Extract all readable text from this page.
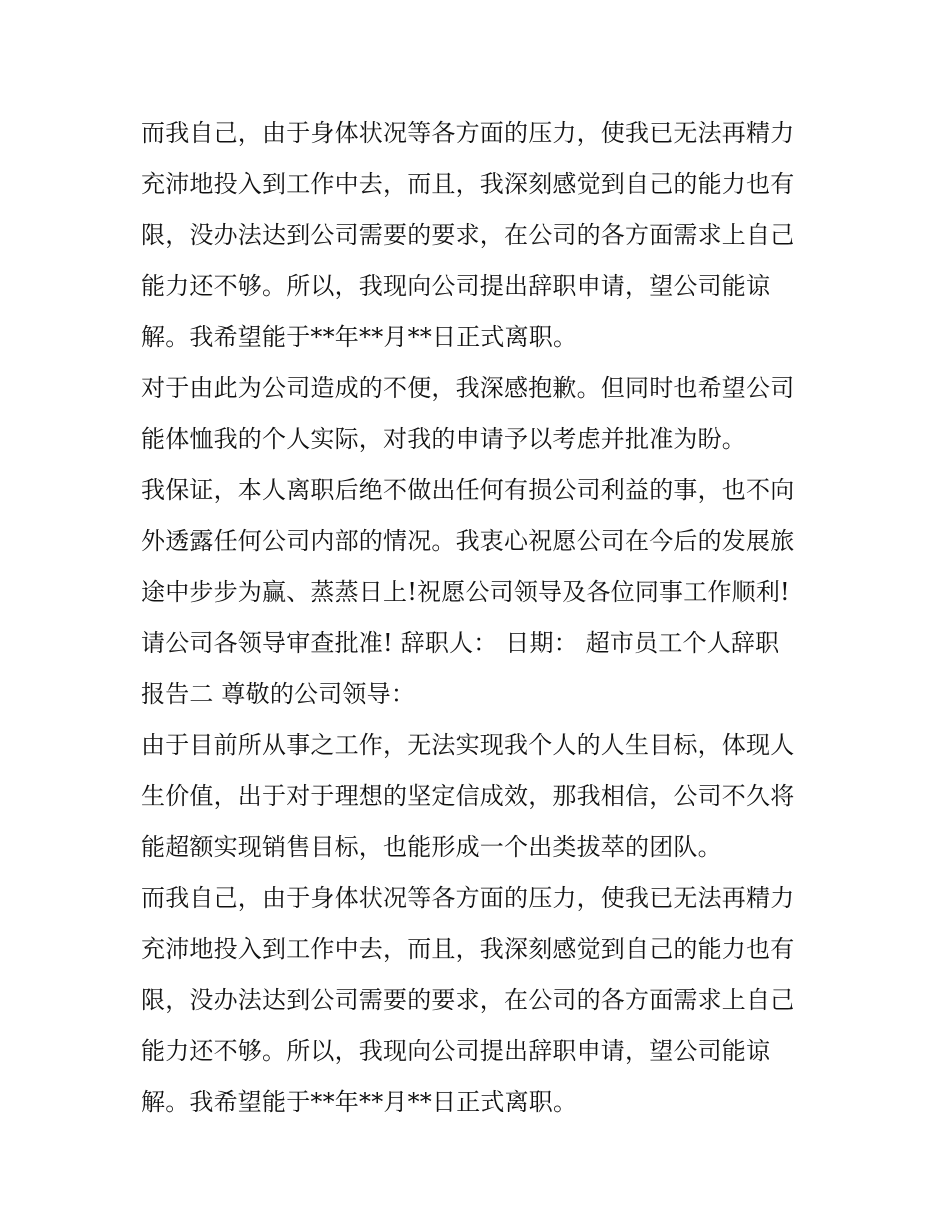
而我自己，由于身体状况等各方面的压力，使我已无法再精力
充沛地投入到工作中去，而且，我深刻感觉到自己的能力也有
限，没办法达到公司需要的要求，在公司的各方面需求上自己
能力还不够。所以，我现向公司提出辞职申请，望公司能谅
解。我希望能于**年**月**日正式离职。
对于由此为公司造成的不便，我深感抱歉。但同时也希望公司
能体恤我的个人实际，对我的申请予以考虑并批准为盼。
我保证，本人离职后绝不做出任何有损公司利益的事，也不向
外透露任何公司内部的情况。我衷心祝愿公司在今后的发展旅
途中步步为赢、蒸蒸日上!祝愿公司领导及各位同事工作顺利!
请公司各领导审查批准! 辞职人： 日期： 超市员工个人辞职
报告二 尊敬的公司领导：
由于目前所从事之工作，无法实现我个人的人生目标，体现人
生价值，出于对于理想的坚定信成效，那我相信，公司不久将
能超额实现销售目标，也能形成一个出类拔萃的团队。
而我自己，由于身体状况等各方面的压力，使我已无法再精力
充沛地投入到工作中去，而且，我深刻感觉到自己的能力也有
限，没办法达到公司需要的要求，在公司的各方面需求上自己
能力还不够。所以，我现向公司提出辞职申请，望公司能谅
解。我希望能于**年**月**日正式离职。
